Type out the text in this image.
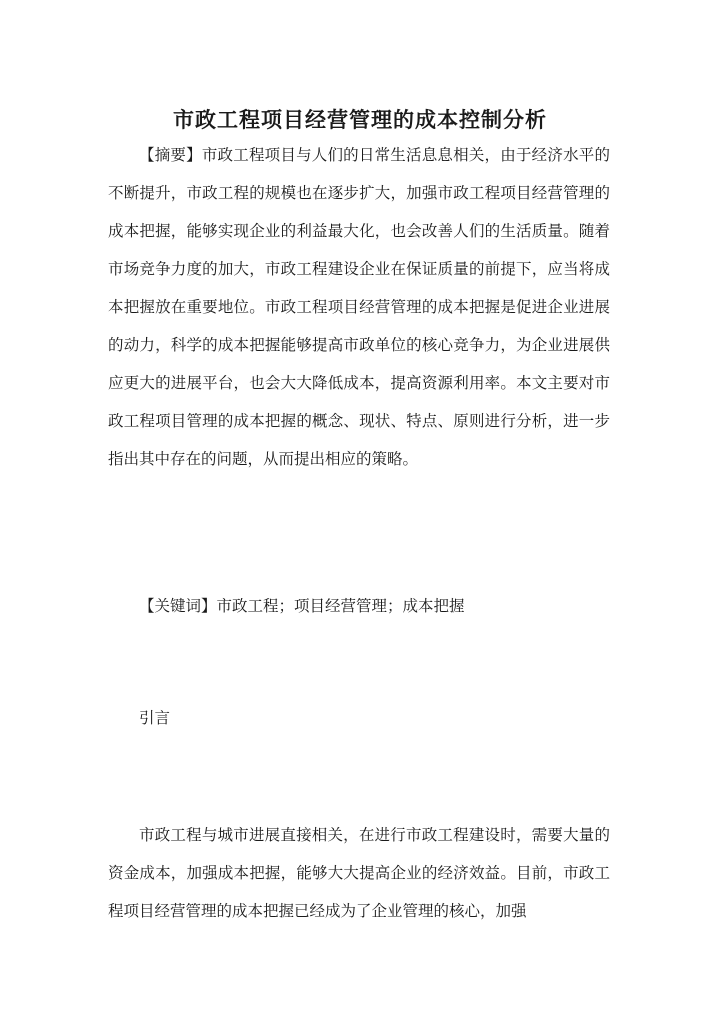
市政工程项目经营管理的成本控制分析

【摘要】市政工程项目与人们的日常生活息息相关，由于经济水平的不断提升，市政工程的规模也在逐步扩大，加强市政工程项目经营管理的成本把握，能够实现企业的利益最大化，也会改善人们的生活质量。随着市场竞争力度的加大，市政工程建设企业在保证质量的前提下，应当将成本把握放在重要地位。市政工程项目经营管理的成本把握是促进企业进展的动力，科学的成本把握能够提高市政单位的核心竞争力，为企业进展供应更大的进展平台，也会大大降低成本，提高资源利用率。本文主要对市政工程项目管理的成本把握的概念、现状、特点、原则进行分析，进一步指出其中存在的问题，从而提出相应的策略。

【关键词】市政工程；项目经营管理；成本把握

引言

市政工程与城市进展直接相关，在进行市政工程建设时，需要大量的资金成本，加强成本把握，能够大大提高企业的经济效益。目前，市政工程项目经营管理的成本把握已经成为了企业管理的核心，加强
